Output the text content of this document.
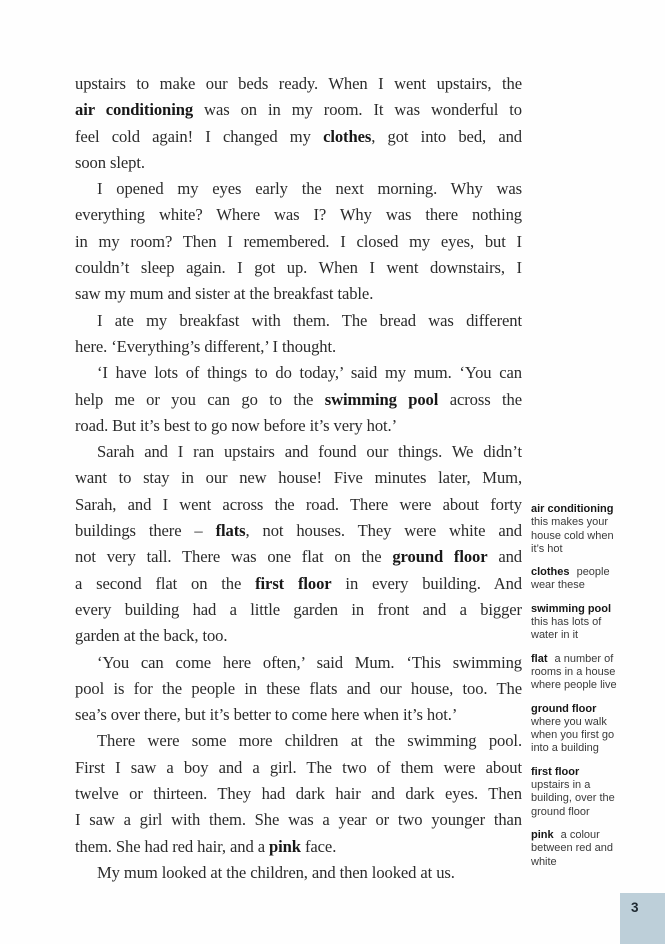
upstairs to make our beds ready. When I went upstairs, the
air conditioning was on in my room. It was wonderful to
feel cold again! I changed my clothes, got into bed, and
soon slept.
I opened my eyes early the next morning. Why was
everything white? Where was I? Why was there nothing
in my room? Then I remembered. I closed my eyes, but I
couldn’t sleep again. I got up. When I went downstairs, I
saw my mum and sister at the breakfast table.
I ate my breakfast with them. The bread was different
here. ‘Everything’s different,’ I thought.
‘I have lots of things to do today,’ said my mum. ‘You can
help me or you can go to the swimming pool across the
road. But it’s best to go now before it’s very hot.’
Sarah and I ran upstairs and found our things. We didn’t
want to stay in our new house! Five minutes later, Mum,
Sarah, and I went across the road. There were about forty
buildings there – flats, not houses. They were white and
not very tall. There was one flat on the ground floor and
a second flat on the first floor in every building. And
every building had a little garden in front and a bigger
garden at the back, too.
‘You can come here often,’ said Mum. ‘This swimming
pool is for the people in these flats and our house, too. The
sea’s over there, but it’s better to come here when it’s hot.’
There were some more children at the swimming pool.
First I saw a boy and a girl. The two of them were about
twelve or thirteen. They had dark hair and dark eyes. Then
I saw a girl with them. She was a year or two younger than
them. She had red hair, and a pink face.
My mum looked at the children, and then looked at us.
air conditioning this makes your house cold when it’s hot
clothes people wear these
swimming pool this has lots of water in it
flat a number of rooms in a house where people live
ground floor where you walk when you first go into a building
first floor upstairs in a building, over the ground floor
pink a colour between red and white
3
